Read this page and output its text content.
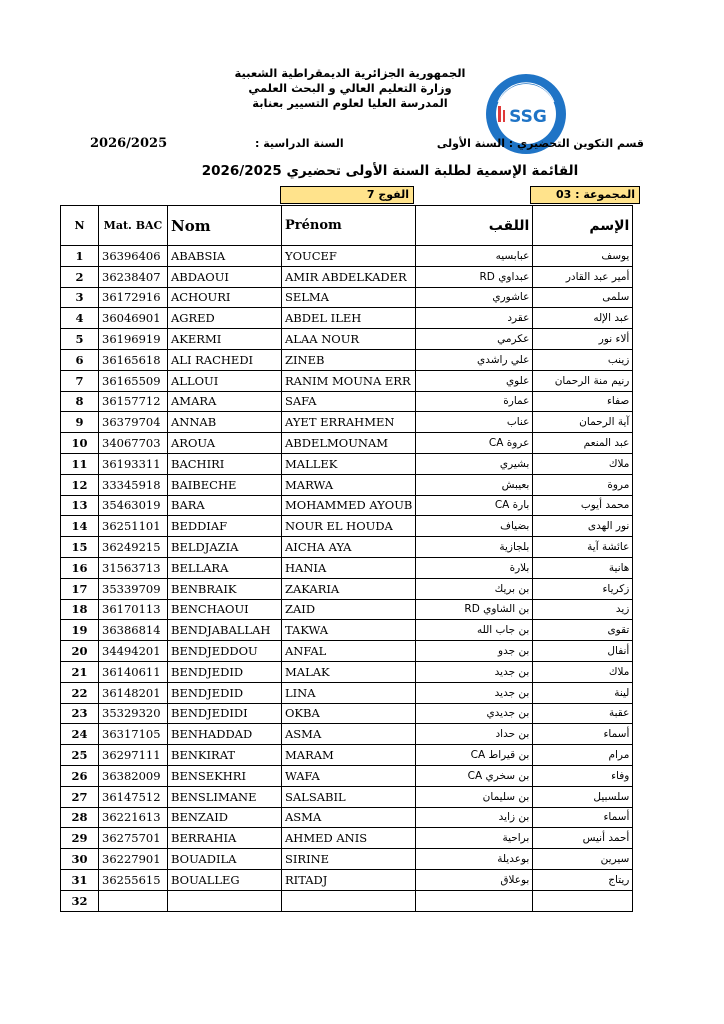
الجمهورية الجزائرية الديمقراطية الشعبية
وزارة التعليم العالي و البحث العلمي
المدرسة العليا لعلوم التسيير بعنابة
SSG
قسم التكوين التحضيري : السنة الأولى
السنة الدراسية :
2026/2025
القائمة الإسمية لطلبة السنة الأولى تحضيري 2026/2025
المجموعة : 03
الفوج 7
N	Mat. BAC	Nom	Prénom	اللقب	الإسم
1	36396406	ABABSIA	YOUCEF	عبابسيه	يوسف
2	36238407	ABDAOUI	AMIR ABDELKADER	عبداوي RD	أمير عبد القادر
3	36172916	ACHOURI	SELMA	عاشوري	سلمى
4	36046901	AGRED	ABDEL ILEH	عقرد	عبد الإله
5	36196919	AKERMI	ALAA NOUR	عكرمي	ألاء نور
6	36165618	ALI RACHEDI	ZINEB	علي راشدي	زينب
7	36165509	ALLOUI	RANIM MOUNA ERR	علوي	رنيم منة الرحمان
8	36157712	AMARA	SAFA	عمارة	صفاء
9	36379704	ANNAB	AYET ERRAHMEN	عناب	آية الرحمان
10	34067703	AROUA	ABDELMOUNAM	عروة CA	عبد المنعم
11	36193311	BACHIRI	MALLEK	بشيري	ملاك
12	33345918	BAIBECHE	MARWA	بعيبش	مروة
13	35463019	BARA	MOHAMMED AYOUB	بارة CA	محمد أيوب
14	36251101	BEDDIAF	NOUR EL HOUDA	بضياف	نور الهدى
15	36249215	BELDJAZIA	AICHA AYA	بلجازية	عائشة آية
16	31563713	BELLARA	HANIA	بلارة	هانية
17	35339709	BENBRAIK	ZAKARIA	بن بريك	زكرياء
18	36170113	BENCHAOUI	ZAID	بن الشاوي RD	زيد
19	36386814	BENDJABALLAH	TAKWA	بن جاب الله	تقوى
20	34494201	BENDJEDDOU	ANFAL	بن جدو	أنفال
21	36140611	BENDJEDID	MALAK	بن جديد	ملاك
22	36148201	BENDJEDID	LINA	بن جديد	لينة
23	35329320	BENDJEDIDI	OKBA	بن جديدي	عقبة
24	36317105	BENHADDAD	ASMA	بن حداد	أسماء
25	36297111	BENKIRAT	MARAM	بن قيراط CA	مرام
26	36382009	BENSEKHRI	WAFA	بن سخري CA	وفاء
27	36147512	BENSLIMANE	SALSABIL	بن سليمان	سلسبيل
28	36221613	BENZAID	ASMA	بن زايد	أسماء
29	36275701	BERRAHIA	AHMED ANIS	براحية	أحمد أنيس
30	36227901	BOUADILA	SIRINE	بوعديلة	سيرين
31	36255615	BOUALLEG	RITADJ	بوعلاق	ريتاج
32					
